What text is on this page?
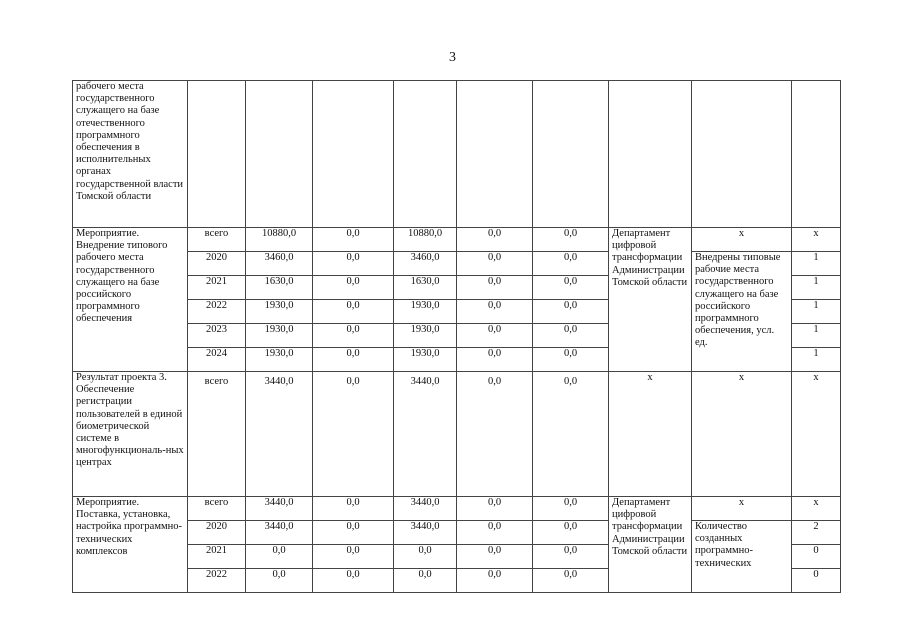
3
рабочего места государственного служащего на базе отечественного программного обеспечения в исполнительных органах государственной власти Томской области									
Мероприятие. Внедрение типового рабочего места государственного служащего на базе российского программного обеспечения	всего	10880,0	0,0	10880,0	0,0	0,0	Департамент цифровой трансформации Администрации Томской области	х	х
	2020	3460,0	0,0	3460,0	0,0	0,0		Внедрены типовые рабочие места государственного служащего на базе российского программного обеспечения, усл. ед.	1
	2021	1630,0	0,0	1630,0	0,0	0,0			1
	2022	1930,0	0,0	1930,0	0,0	0,0			1
	2023	1930,0	0,0	1930,0	0,0	0,0			1
	2024	1930,0	0,0	1930,0	0,0	0,0			1
Результат проекта 3. Обеспечение регистрации пользователей в единой биометрической системе в многофункциональ-ных центрах	всего	3440,0	0,0	3440,0	0,0	0,0	х	х	х
Мероприятие. Поставка, установка, настройка программно-технических комплексов	всего	3440,0	0,0	3440,0	0,0	0,0	Департамент цифровой трансформации Администрации Томской области	х	х
	2020	3440,0	0,0	3440,0	0,0	0,0		Количество созданных программно-технических	2
	2021	0,0	0,0	0,0	0,0	0,0			0
	2022	0,0	0,0	0,0	0,0	0,0			0
